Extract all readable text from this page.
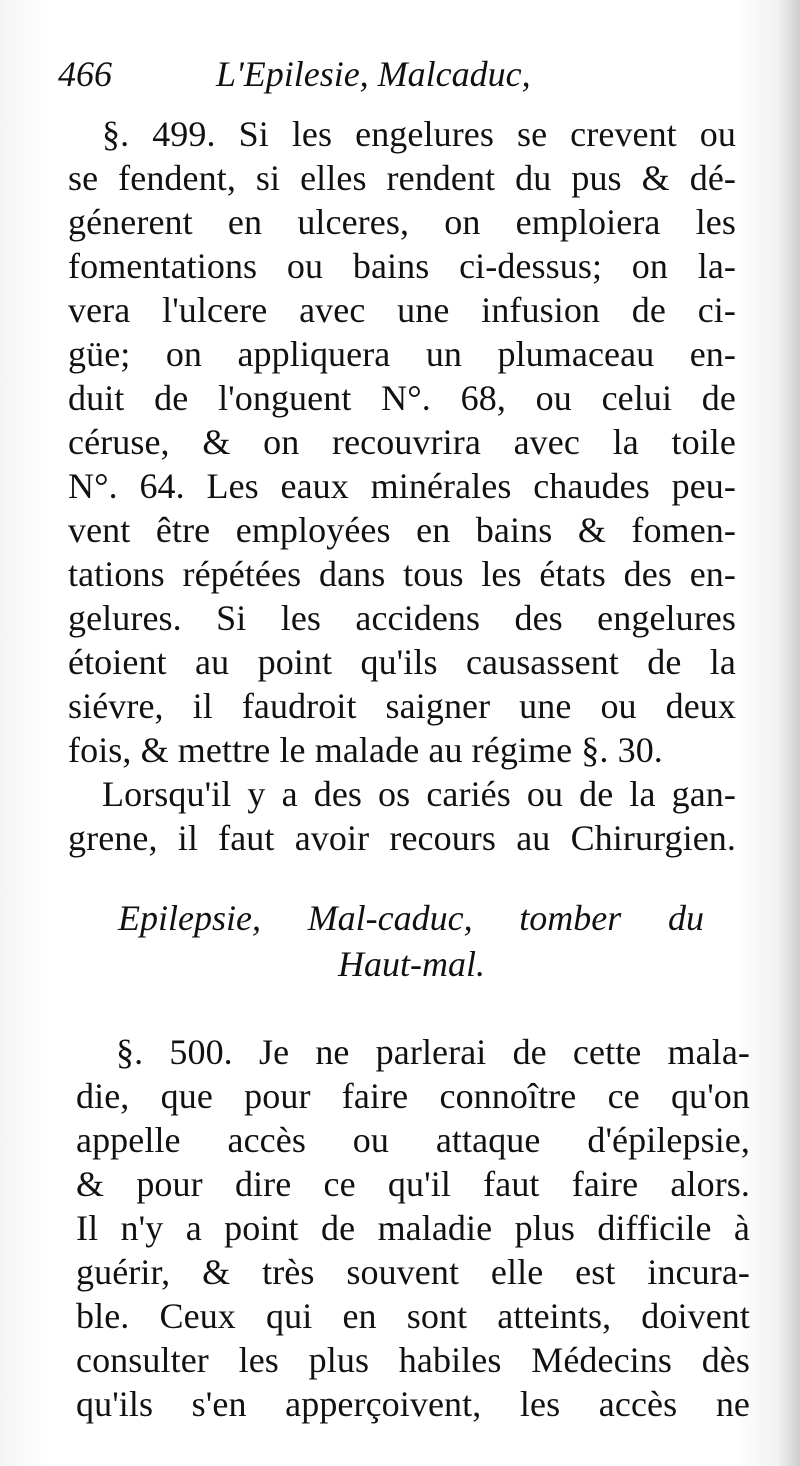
466	L'Epilesie, Malcaduc,
§. 499. Si les engelures se crevent ou
se fendent, si elles rendent du pus & dé-
génerent en ulceres, on emploiera les
fomentations ou bains ci-dessus; on la-
vera l'ulcere avec une infusion de ci-
güe; on appliquera un plumaceau en-
duit de l'onguent N°. 68, ou celui de
céruse, & on recouvrira avec la toile
N°. 64. Les eaux minérales chaudes peu-
vent être employées en bains & fomen-
tations répétées dans tous les états des en-
gelures. Si les accidens des engelures
étoient au point qu'ils causassent de la
siévre, il faudroit saigner une ou deux
fois, & mettre le malade au régime §. 30.
Lorsqu'il y a des os cariés ou de la gan-
grene, il faut avoir recours au Chirurgien.
Epilepsie, Mal-caduc, tomber du
Haut-mal.
§. 500. Je ne parlerai de cette mala-
die, que pour faire connoître ce qu'on
appelle accès ou attaque d'épilepsie,
& pour dire ce qu'il faut faire alors.
Il n'y a point de maladie plus difficile à
guérir, & très souvent elle est incura-
ble. Ceux qui en sont atteints, doivent
consulter les plus habiles Médecins dès
qu'ils s'en apperçoivent, les accès ne
